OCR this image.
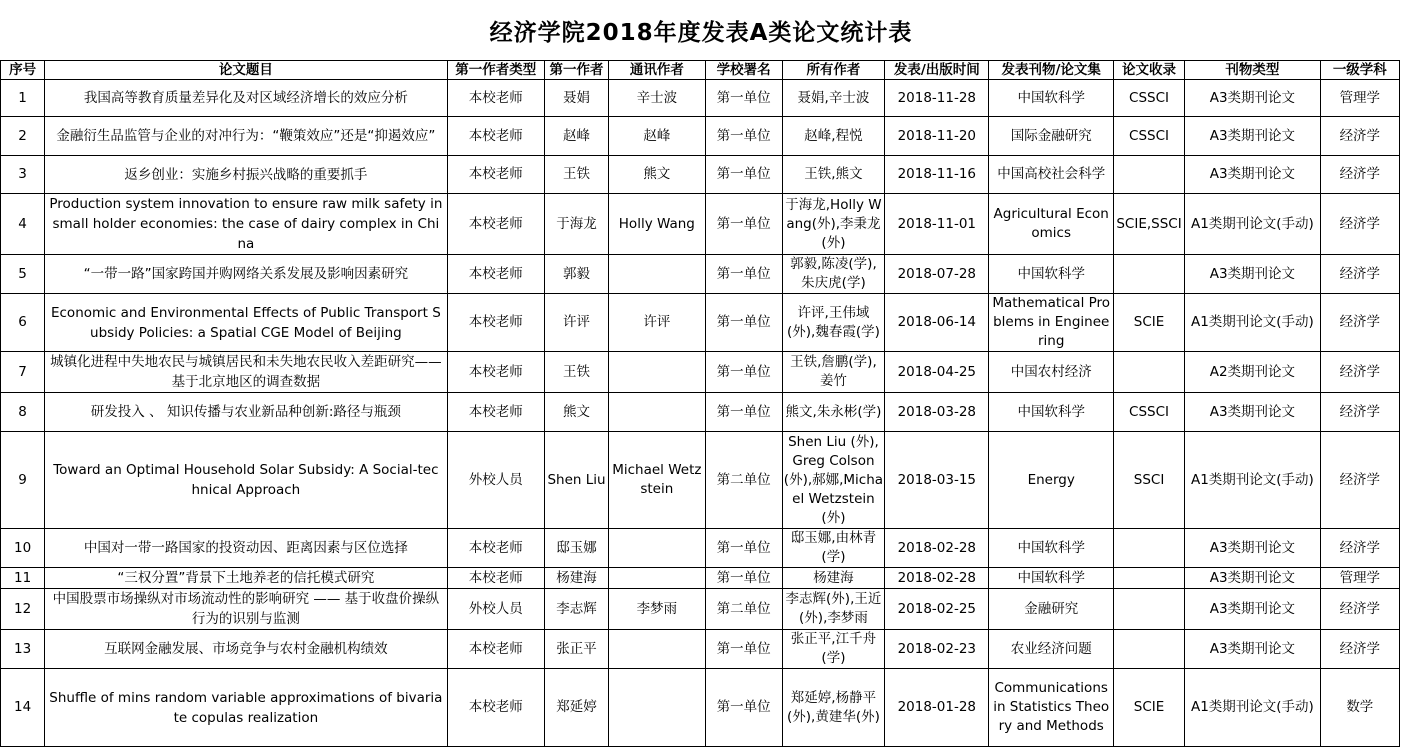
经济学院2018年度发表A类论文统计表
序号	论文题目	第一作者类型	第一作者	通讯作者	学校署名	所有作者	发表/出版时间	发表刊物/论文集	论文收录	刊物类型	一级学科
1	我国高等教育质量差异化及对区域经济增长的效应分析	本校老师	聂娟	辛士波	第一单位	聂娟,辛士波	2018-11-28	中国软科学	CSSCI	A3类期刊论文	管理学
2	金融衍生品监管与企业的对冲行为：“鞭策效应”还是“抑遏效应”	本校老师	赵峰	赵峰	第一单位	赵峰,程悦	2018-11-20	国际金融研究	CSSCI	A3类期刊论文	经济学
3	返乡创业：实施乡村振兴战略的重要抓手	本校老师	王铁	熊文	第一单位	王铁,熊文	2018-11-16	中国高校社会科学		A3类期刊论文	经济学
4	Production system innovation to ensure raw milk safety in small holder economies: the case of dairy complex in China	本校老师	于海龙	Holly Wang	第一单位	于海龙,Holly Wang(外),李秉龙(外)	2018-11-01	Agricultural Economics	SCIE,SSCI	A1类期刊论文(手动)	经济学
5	“一带一路”国家跨国并购网络关系发展及影响因素研究	本校老师	郭毅		第一单位	郭毅,陈凌(学),朱庆虎(学)	2018-07-28	中国软科学		A3类期刊论文	经济学
6	Economic and Environmental Effects of Public Transport Subsidy Policies: a Spatial CGE Model of Beijing	本校老师	许评	许评	第一单位	许评,王伟域(外),魏春霞(学)	2018-06-14	Mathematical Problems in Engineering	SCIE	A1类期刊论文(手动)	经济学
7	城镇化进程中失地农民与城镇居民和未失地农民收入差距研究——基于北京地区的调查数据	本校老师	王铁		第一单位	王铁,詹鹏(学),姜竹	2018-04-25	中国农村经济		A2类期刊论文	经济学
8	研发投入 、 知识传播与农业新品种创新:路径与瓶颈	本校老师	熊文		第一单位	熊文,朱永彬(学)	2018-03-28	中国软科学	CSSCI	A3类期刊论文	经济学
9	Toward an Optimal Household Solar Subsidy: A Social-technical Approach	外校人员	Shen Liu	Michael Wetzstein	第二单位	Shen Liu (外),Greg Colson(外),郝娜,Michael Wetzstein(外)	2018-03-15	Energy	SSCI	A1类期刊论文(手动)	经济学
10	中国对一带一路国家的投资动因、距离因素与区位选择	本校老师	邸玉娜		第一单位	邸玉娜,由林青(学)	2018-02-28	中国软科学		A3类期刊论文	经济学
11	“三权分置”背景下土地养老的信托模式研究	本校老师	杨建海		第一单位	杨建海	2018-02-28	中国软科学		A3类期刊论文	管理学
12	中国股票市场操纵对市场流动性的影响研究 —— 基于收盘价操纵行为的识别与监测	外校人员	李志辉	李梦雨	第二单位	李志辉(外),王近(外),李梦雨	2018-02-25	金融研究		A3类期刊论文	经济学
13	互联网金融发展、市场竞争与农村金融机构绩效	本校老师	张正平		第一单位	张正平,江千舟(学)	2018-02-23	农业经济问题		A3类期刊论文	经济学
14	Shuffle of mins random variable approximations of bivariate copulas realization	本校老师	郑延婷		第一单位	郑延婷,杨静平(外),黄建华(外)	2018-01-28	Communications in Statistics Theory and Methods	SCIE	A1类期刊论文(手动)	数学
